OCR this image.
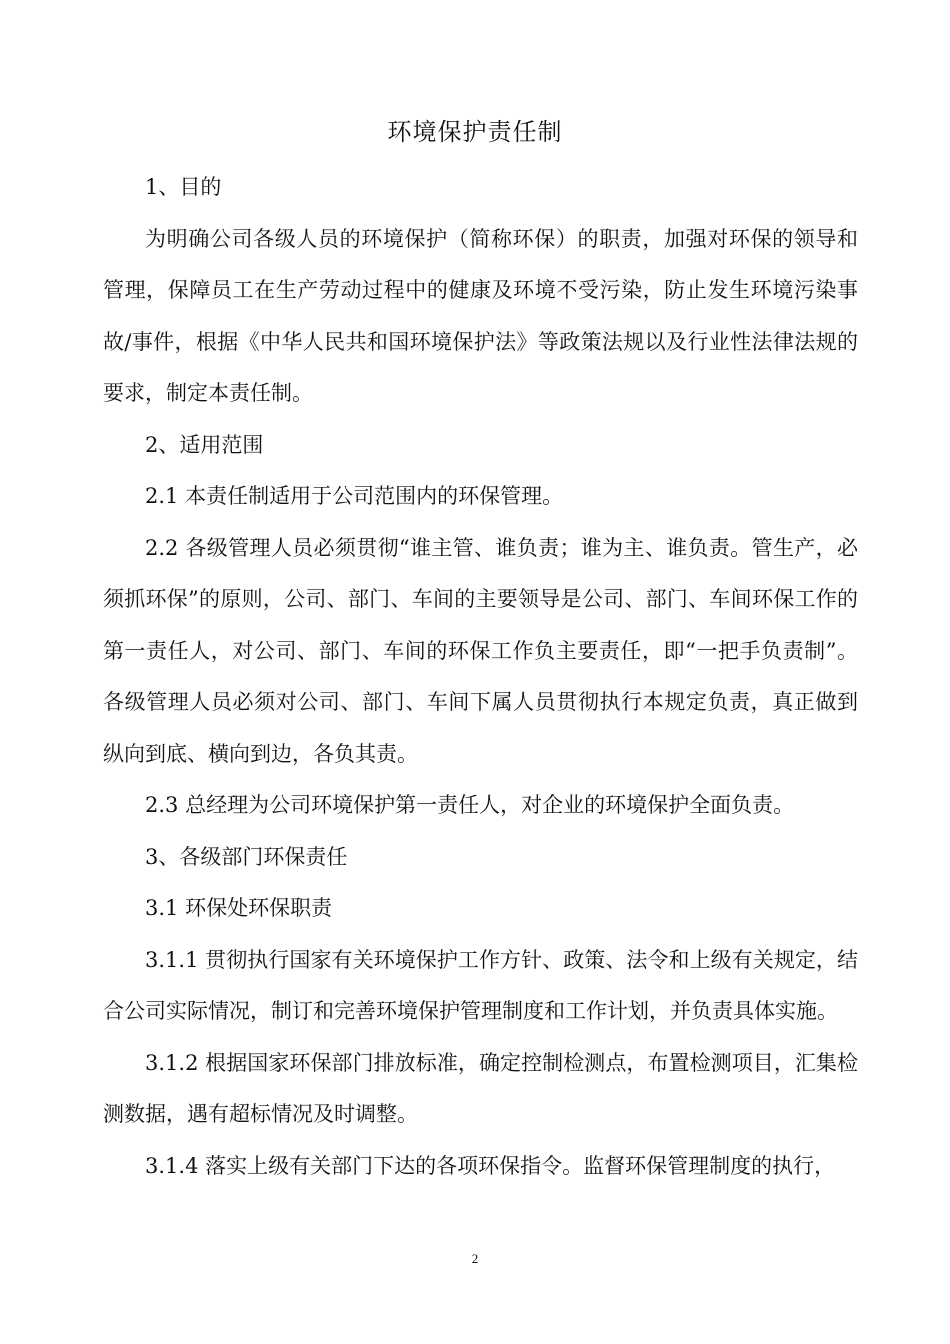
环境保护责任制

1、目的

为明确公司各级人员的环境保护（简称环保）的职责，加强对环保的领导和管理，保障员工在生产劳动过程中的健康及环境不受污染，防止发生环境污染事故/事件，根据《中华人民共和国环境保护法》等政策法规以及行业性法律法规的要求，制定本责任制。

2、适用范围

2.1 本责任制适用于公司范围内的环保管理。

2.2 各级管理人员必须贯彻“谁主管、谁负责；谁为主、谁负责。管生产，必须抓环保”的原则，公司、部门、车间的主要领导是公司、部门、车间环保工作的第一责任人，对公司、部门、车间的环保工作负主要责任，即“一把手负责制”。各级管理人员必须对公司、部门、车间下属人员贯彻执行本规定负责，真正做到纵向到底、横向到边，各负其责。

2.3 总经理为公司环境保护第一责任人，对企业的环境保护全面负责。

3、各级部门环保责任

3.1 环保处环保职责

3.1.1 贯彻执行国家有关环境保护工作方针、政策、法令和上级有关规定，结合公司实际情况，制订和完善环境保护管理制度和工作计划，并负责具体实施。

3.1.2 根据国家环保部门排放标准，确定控制检测点，布置检测项目，汇集检测数据，遇有超标情况及时调整。

3.1.4 落实上级有关部门下达的各项环保指令。监督环保管理制度的执行，

2
